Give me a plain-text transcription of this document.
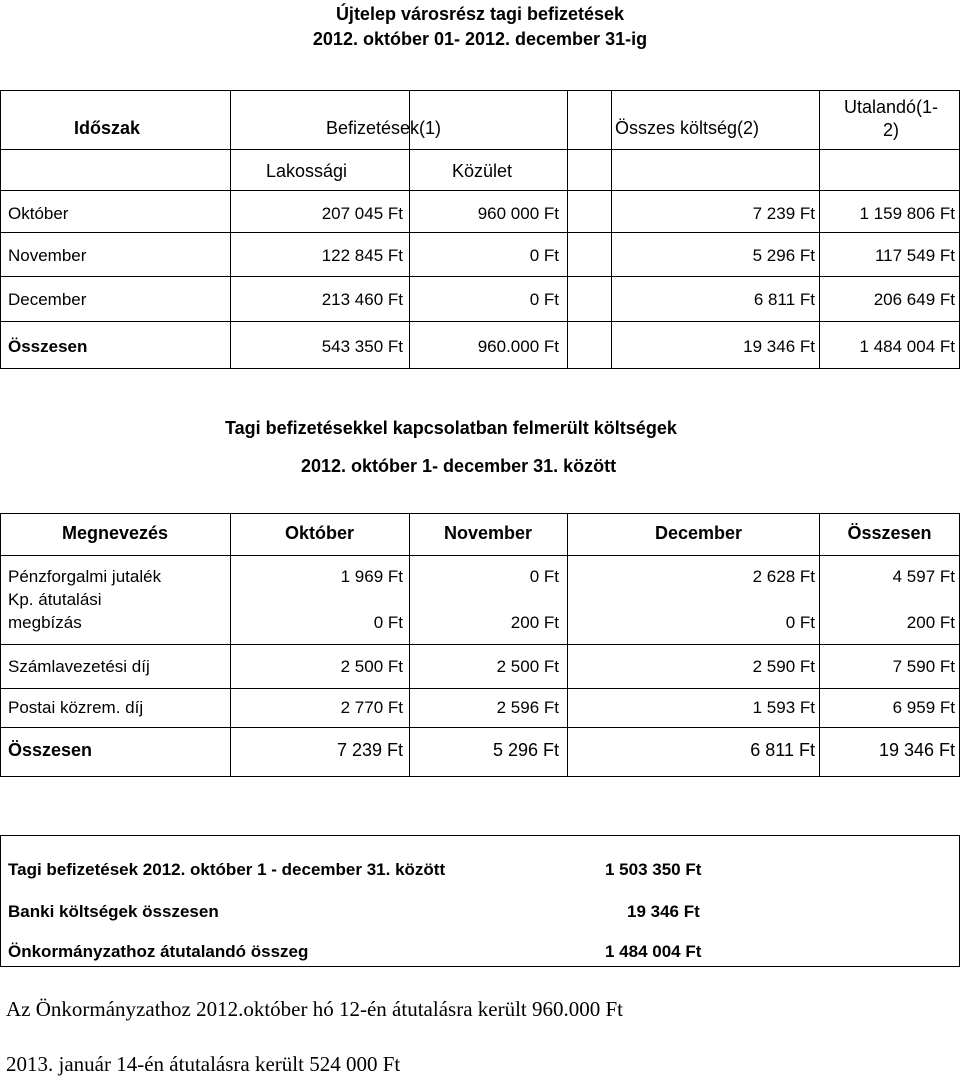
Újtelep városrész tagi befizetések
2012. október 01- 2012. december 31-ig
Időszak	Befizetések(1)	Összes költség(2)
Utalandó(1-
2)
Lakossági	Közület
Október	207 045 Ft	960 000 Ft	7 239 Ft	1 159 806 Ft
November	122 845 Ft	0 Ft	5 296 Ft	117 549 Ft
December	213 460 Ft	0 Ft	6 811 Ft	206 649 Ft
Összesen	543 350 Ft	960.000 Ft	19 346 Ft	1 484 004 Ft
Tagi befizetésekkel kapcsolatban felmerült költségek
2012. október 1- december 31. között
Megnevezés	Október	November	December	Összesen
Pénzforgalmi jutalék	1 969 Ft	0 Ft	2 628 Ft	4 597 Ft
Kp. átutalási
megbízás	0 Ft	200 Ft	0 Ft	200 Ft
Számlavezetési díj	2 500 Ft	2 500 Ft	2 590 Ft	7 590 Ft
Postai közrem. díj	2 770 Ft	2 596 Ft	1 593 Ft	6 959 Ft
Összesen	7 239 Ft	5 296 Ft	6 811 Ft	19 346 Ft
Tagi befizetések 2012. október 1 - december 31. között	1 503 350 Ft
Banki költségek összesen	19 346 Ft
Önkormányzathoz átutalandó összeg	1 484 004 Ft
Az Önkormányzathoz 2012.október hó 12-én átutalásra került 960.000 Ft
2013. január 14-én átutalásra került 524 000 Ft
